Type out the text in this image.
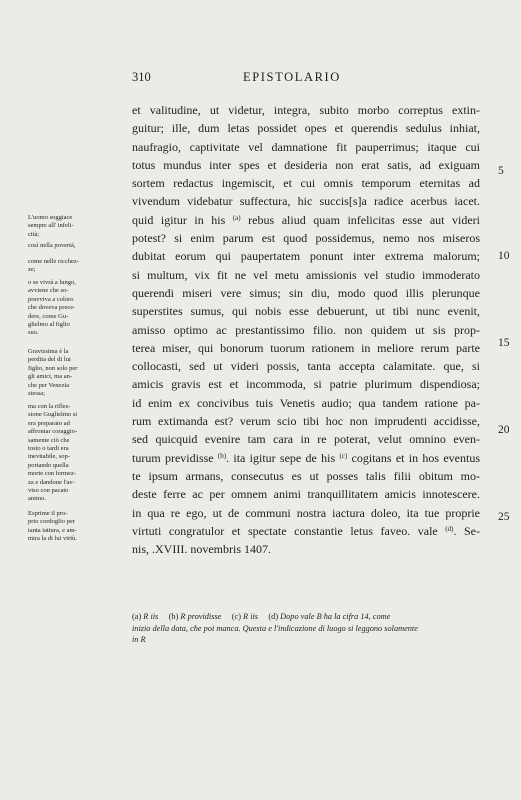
310	EPISTOLARIO
et valitudine, ut videtur, integra, subito morbo correptus extin-
guitur; ille, dum letas possidet opes et querendis sedulus inhiat,
naufragio, captivitate vel damnatione fit pauperrimus; itaque cui
totus mundus inter spes et desideria non erat satis, ad exiguam
sortem redactus ingemiscit, et cui omnis temporum eternitas ad
vivendum videbatur suffectura, hic succis[s]a radice acerbus iacet.
quid igitur in his $^{(a)}$ rebus aliud quam infelicitas esse aut videri
potest? si enim parum est quod possidemus, nemo nos miseros
dubitat eorum qui paupertatem ponunt inter extrema malorum;
si multum, vix fit ne vel metu amissionis vel studio immoderato
querendi miseri vere simus; sin diu, modo quod illis plerunque
superstites sumus, qui nobis esse debuerunt, ut tibi nunc evenit,
amisso optimo ac prestantissimo filio. non quidem ut sis prop-
terea miser, qui bonorum tuorum rationem in meliore rerum parte
collocasti, sed ut videri possis, tanta accepta calamitate. que, si
amicis gravis est et incommoda, si patrie plurimum dispendiosa;
id enim ex concivibus tuis Venetis audio; qua tandem ratione pa-
rum extimanda est? verum scio tibi hoc non imprudenti accidisse,
sed quicquid evenire tam cara in re poterat, velut omnino even-
turum previdisse $^{(b)}$. ita igitur sepe de his $^{(c)}$ cogitans et in hos eventus
te ipsum armans, consecutus es ut posses talis filii obitum mo-
deste ferre ac per omnem animi tranquillitatem amicis innotescere.
in qua re ego, ut de communi nostra iactura doleo, ita tue proprie
virtuti congratulor et spectate constantie letus faveo. vale $^{(d)}$. Se-
nis, .XVIII. novembris 1407.
5
10
15
20
25
L'uomo soggiace
sempre all' infeli-
cità;
così nella povertà,
come nelle ricchez-
ze;
o se vivrà a lungo,
avviene che so-
pravviva a coloro
che doveva prece-
dere, come Gu-
glielmo al figlio
suo.
Gravissima è la
perdita del di lui
figlio, non solo per
gli amici, ma an-
che per Venezia
stessa;
ma con la rifles-
sione Guglielmo si
era preparato ad
affrontar coraggio-
samente ciò che
tosto o tardi era
inevitabile, sop-
portando quella
morte con fermez-
za e dandone l'av-
viso con pacato
animo.
Esprime il pro-
prio cordoglio per
tanta iattura, e am-
mira la di lui virtù.
(a) R iis (b) R providisse (c) R iis (d) Dopo vale B ha la cifra 14, come
inizio della data, che poi manca. Questa e l'indicazione di luogo si leggono solamente
in R
